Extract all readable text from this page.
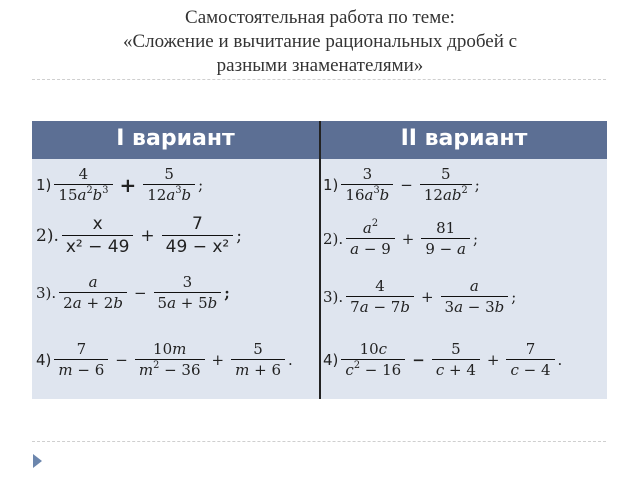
Самостоятельная работа по теме:
«Сложение и вычитание рациональных дробей с
разными знаменателями»
I вариант	II вариант
$1) \frac{4}{15a^2b^3} + \frac{5}{12a^3b}$ ;
2). $\frac{x}{\text{x² − 49}} + \frac{7}{\text{49 − x²}}$ ;
3). $\frac{a}{2a + 2b} - \frac{3}{5a + 5b}$ ;
$4) \frac{7}{m - 6} - \frac{10m}{m^2 - 36} + \frac{5}{m + 6}$ .
$1) \frac{3}{16a^3b} - \frac{5}{12ab^2}$ ;
2). $\frac{a^2}{a - 9} + \frac{81}{9 - a}$ ;
3). $\frac{4}{7a - 7b} + \frac{a}{3a - 3b}$ ;
$4) \frac{10c}{c^2 - 16} - \frac{5}{c + 4} + \frac{7}{c - 4}$ .
